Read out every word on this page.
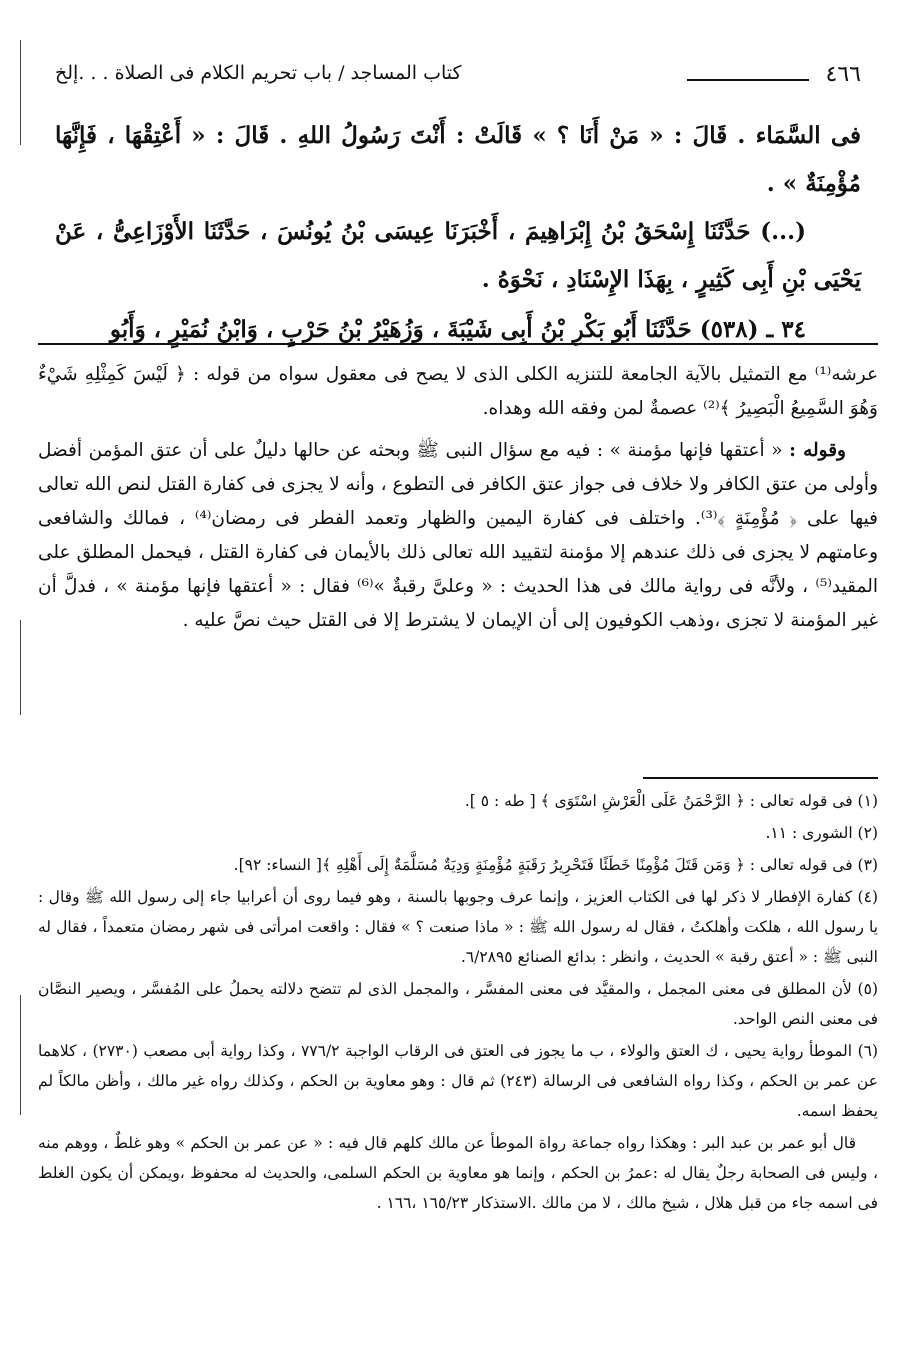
٤٦٦
كتاب المساجد / باب تحريم الكلام فى الصلاة . . .إلخ

فى السَّمَاء . قَالَ : « مَنْ أَنَا ؟ » قَالَتْ : أَنْتَ رَسُولُ اللهِ . قَالَ : « أَعْتِقْهَا ، فَإِنَّهَا مُؤْمِنَةٌ » .

(...) حَدَّثَنَا إِسْحَقُ بْنُ إِبْرَاهِيمَ ، أَخْبَرَنَا عِيسَى بْنُ يُونُسَ ، حَدَّثَنَا الأَوْزَاعِىُّ ، عَنْ يَحْيَى بْنِ أَبِى كَثِيرٍ ، بِهَذَا الإِسْنَادِ ، نَحْوَهُ .

٣٤ ـ (٥٣٨) حَدَّثَنَا أَبُو بَكْرِ بْنُ أَبِى شَيْبَةَ ، وَزُهَيْرُ بْنُ حَرْبٍ ، وَابْنُ نُمَيْرٍ ، وَأَبُو

عرشه⁽¹⁾ مع التمثيل بالآية الجامعة للتنزيه الكلى الذى لا يصح فى معقول سواه من قوله : ﴿ لَيْسَ كَمِثْلِهِ شَيْءٌ وَهُوَ السَّمِيعُ الْبَصِيرُ ﴾⁽²⁾ عصمةٌ لمن وفقه الله وهداه.

وقوله : « أعتقها فإنها مؤمنة » : فيه مع سؤال النبى ﷺ وبحثه عن حالها دليلٌ على أن عتق المؤمن أفضل وأولى من عتق الكافر ولا خلاف فى جواز عتق الكافر فى التطوع ، وأنه لا يجزى فى كفارة القتل لنص الله تعالى فيها على ﴿ مُؤْمِنَةٍ ﴾⁽³⁾. واختلف فى كفارة اليمين والظهار وتعمد الفطر فى رمضان⁽⁴⁾ ، فمالك والشافعى وعامتهم لا يجزى فى ذلك عندهم إلا مؤمنة لتقييد الله تعالى ذلك بالأيمان فى كفارة القتل ، فيحمل المطلق على المقيد⁽⁵⁾ ، ولأنَّه فى رواية مالك فى هذا الحديث : « وعلىَّ رقبةٌ »⁽⁶⁾ فقال : « أعتقها فإنها مؤمنة » ، فدلَّ أن غير المؤمنة لا تجزى ،وذهب الكوفيون إلى أن الإيمان لا يشترط إلا فى القتل حيث نصَّ عليه .

(١) فى قوله تعالى : ﴿ الرَّحْمَنُ عَلَى الْعَرْشِ اسْتَوَى ﴾ [ طه : ٥ ].

(٢) الشورى : ١١.

(٣) فى قوله تعالى : ﴿ وَمَن قَتَلَ مُؤْمِنًا خَطَئًا فَتَحْرِيرُ رَقَبَةٍ مُؤْمِنَةٍ وَدِيَةٌ مُسَلَّمَةٌ إِلَى أَهْلِهِ ﴾[ النساء: ٩٢].

(٤) كفارة الإفطار لا ذكر لها فى الكتاب العزيز ، وإنما عرف وجوبها بالسنة ، وهو فيما روى أن أعرابيا جاء إلى رسول الله ﷺ وقال : يا رسول الله ، هلكت وأهلكتُ ، فقال له رسول الله ﷺ : « ماذا صنعت ؟ » فقال : واقعت امرأتى فى شهر رمضان متعمداً ، فقال له النبى ﷺ : « أعتق رقبة » الحديث ، وانظر : بدائع الصنائع ٦/٢٨٩٥.

(٥) لأن المطلق فى معنى المجمل ، والمقيَّد فى معنى المفسَّر ، والمجمل الذى لم تتضح دلالته يحملُ على المُفسَّر ، ويصير النصَّان فى معنى النص الواحد.

(٦) الموطأ رواية يحيى ، ك العتق والولاء ، ب ما يجوز فى العتق فى الرقاب الواجبة ٧٧٦/٢ ، وكذا رواية أبى مصعب (٢٧٣٠) ، كلاهما عن عمر بن الحكم ، وكذا رواه الشافعى فى الرسالة (٢٤٣) ثم قال : وهو معاوية بن الحكم ، وكذلك رواه غير مالك ، وأظن مالكاً لم يحفظ اسمه.

قال أبو عمر بن عبد البر : وهكذا رواه جماعة رواة الموطأ عن مالك كلهم قال فيه : « عن عمر بن الحكم » وهو غلطٌ ، ووهم منه ، وليس فى الصحابة رجلٌ يقال له :عمرُ بن الحكم ، وإنما هو معاوية بن الحكم السلمى، والحديث له محفوظ ،ويمكن أن يكون الغلط فى اسمه جاء من قبل هلال ، شيخ مالك ، لا من مالك .الاستذكار ١٦٥/٢٣ ،١٦٦ .
